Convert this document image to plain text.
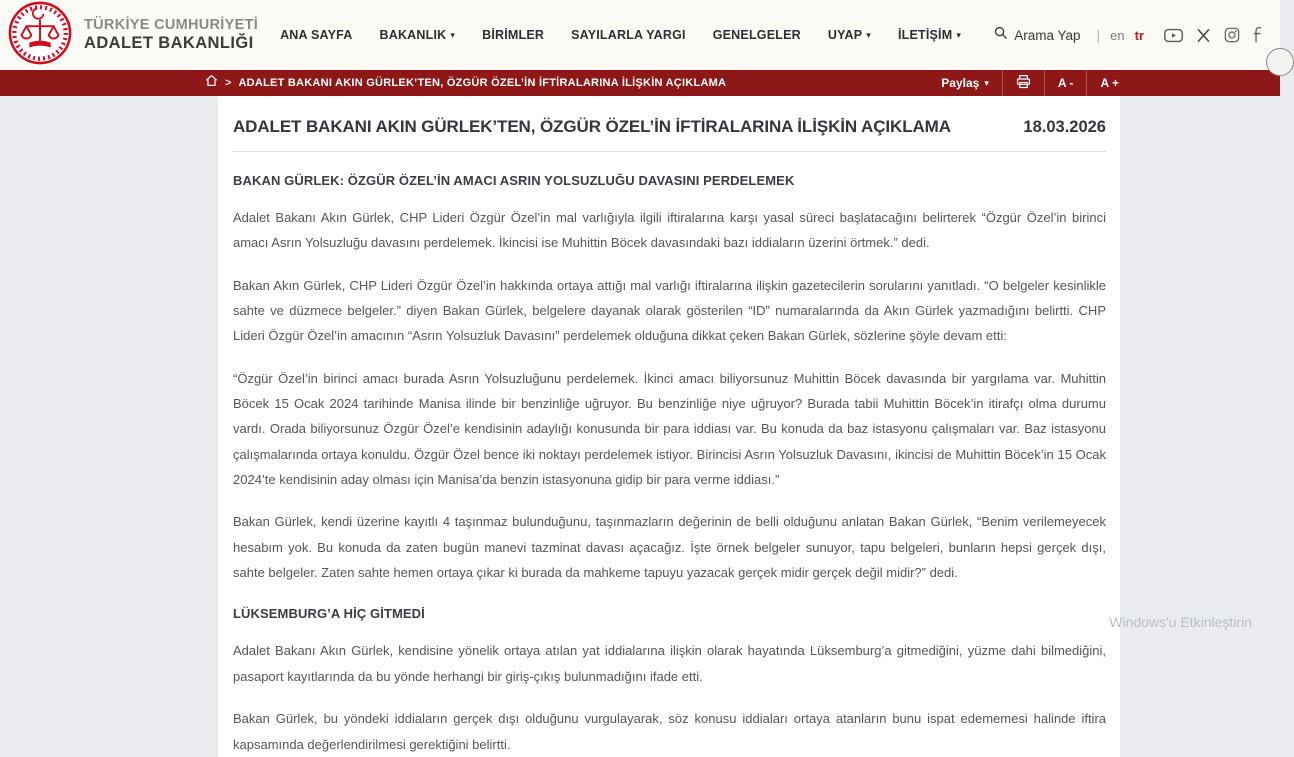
TÜRKİYE CUMHURİYETİ
ADALET BAKANLIĞI	ANA SAYFA BAKANLIK ▾ BİRİMLER SAYILARLA YARGI GENELGELER UYAP ▾ İLETİŞİM ▾	Arama Yap | en tr
> ADALET BAKANI AKIN GÜRLEK’TEN, ÖZGÜR ÖZEL’İN İFTİRALARINA İLİŞKİN AÇIKLAMA	Paylaş ▾	A -	A +
ADALET BAKANI AKIN GÜRLEK’TEN, ÖZGÜR ÖZEL’İN İFTİRALARINA İLİŞKİN AÇIKLAMA	18.03.2026
BAKAN GÜRLEK: ÖZGÜR ÖZEL’İN AMACI ASRIN YOLSUZLUĞU DAVASINI PERDELEMEK

Adalet Bakanı Akın Gürlek, CHP Lideri Özgür Özel’in mal varlığıyla ilgili iftiralarına karşı yasal süreci başlatacağını belirterek “Özgür Özel’in birinci amacı Asrın Yolsuzluğu davasını perdelemek. İkincisi ise Muhittin Böcek davasındaki bazı iddiaların üzerini örtmek.” dedi.

Bakan Akın Gürlek, CHP Lideri Özgür Özel’in hakkında ortaya attığı mal varlığı iftiralarına ilişkin gazetecilerin sorularını yanıtladı. “O belgeler kesinlikle sahte ve düzmece belgeler.” diyen Bakan Gürlek, belgelere dayanak olarak gösterilen “ID” numaralarında da Akın Gürlek yazmadığını belirtti. CHP Lideri Özgür Özel’in amacının “Asrın Yolsuzluk Davasını” perdelemek olduğuna dikkat çeken Bakan Gürlek, sözlerine şöyle devam etti:

“Özgür Özel’in birinci amacı burada Asrın Yolsuzluğunu perdelemek. İkinci amacı biliyorsunuz Muhittin Böcek davasında bir yargılama var. Muhittin Böcek 15 Ocak 2024 tarihinde Manisa ilinde bir benzinliğe uğruyor. Bu benzinliğe niye uğruyor? Burada tabii Muhittin Böcek’in itirafçı olma durumu vardı. Orada biliyorsunuz Özgür Özel’e kendisinin adaylığı konusunda bir para iddiası var. Bu konuda da baz istasyonu çalışmaları var. Baz istasyonu çalışmalarında ortaya konuldu. Özgür Özel bence iki noktayı perdelemek istiyor. Birincisi Asrın Yolsuzluk Davasını, ikincisi de Muhittin Böcek’in 15 Ocak 2024’te kendisinin aday olması için Manisa’da benzin istasyonuna gidip bir para verme iddiası.”

Bakan Gürlek, kendi üzerine kayıtlı 4 taşınmaz bulunduğunu, taşınmazların değerinin de belli olduğunu anlatan Bakan Gürlek, “Benim verilemeyecek hesabım yok. Bu konuda da zaten bugün manevi tazminat davası açacağız. İşte örnek belgeler sunuyor, tapu belgeleri, bunların hepsi gerçek dışı, sahte belgeler. Zaten sahte hemen ortaya çıkar ki burada da mahkeme tapuyu yazacak gerçek midir gerçek değil midir?” dedi.

LÜKSEMBURG’A HİÇ GİTMEDİ

Adalet Bakanı Akın Gürlek, kendisine yönelik ortaya atılan yat iddialarına ilişkin olarak hayatında Lüksemburg’a gitmediğini, yüzme dahi bilmediğini, pasaport kayıtlarında da bu yönde herhangi bir giriş-çıkış bulunmadığını ifade etti.

Bakan Gürlek, bu yöndeki iddiaların gerçek dışı olduğunu vurgulayarak, söz konusu iddiaları ortaya atanların bunu ispat edememesi halinde iftira kapsamında değerlendirilmesi gerektiğini belirtti.

Windows'u Etkinleştirin
